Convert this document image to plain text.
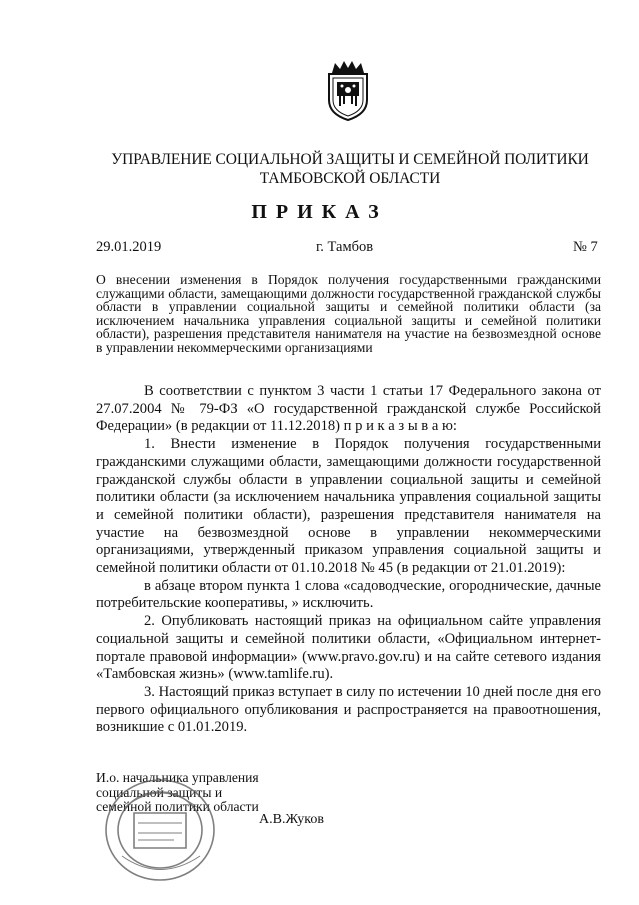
УПРАВЛЕНИЕ СОЦИАЛЬНОЙ ЗАЩИТЫ И СЕМЕЙНОЙ ПОЛИТИКИ
ТАМБОВСКОЙ ОБЛАСТИ
ПРИКАЗ
29.01.2019	г. Тамбов	№ 7
О внесении изменения в Порядок получения государственными гражданскими служащими области, замещающими должности государственной гражданской службы области в управлении социальной защиты и семейной политики области (за исключением начальника управления социальной защиты и семейной политики области), разрешения представителя нанимателя на участие на безвозмездной основе в управлении некоммерческими организациями

В соответствии с пунктом 3 части 1 статьи 17 Федерального закона от 27.07.2004 № 79-ФЗ «О государственной гражданской службе Российской Федерации» (в редакции от 11.12.2018) п р и к а з ы в а ю:

1. Внести изменение в Порядок получения государственными гражданскими служащими области, замещающими должности государственной гражданской службы области в управлении социальной защиты и семейной политики области (за исключением начальника управления социальной защиты и семейной политики области), разрешения представителя нанимателя на участие на безвозмездной основе в управлении некоммерческими организациями, утвержденный приказом управления социальной защиты и семейной политики области от 01.10.2018 № 45 (в редакции от 21.01.2019):

в абзаце втором пункта 1 слова «садоводческие, огороднические, дачные потребительские кооперативы, » исключить.

2. Опубликовать настоящий приказ на официальном сайте управления социальной защиты и семейной политики области, «Официальном интернет-портале правовой информации» (www.pravo.gov.ru) и на сайте сетевого издания «Тамбовская жизнь» (www.tamlife.ru).

3. Настоящий приказ вступает в силу по истечении 10 дней после дня его первого официального опубликования и распространяется на правоотношения, возникшие с 01.01.2019.

И.о. начальника управления
социальной защиты и
семейной политики области
А.В.Жуков
